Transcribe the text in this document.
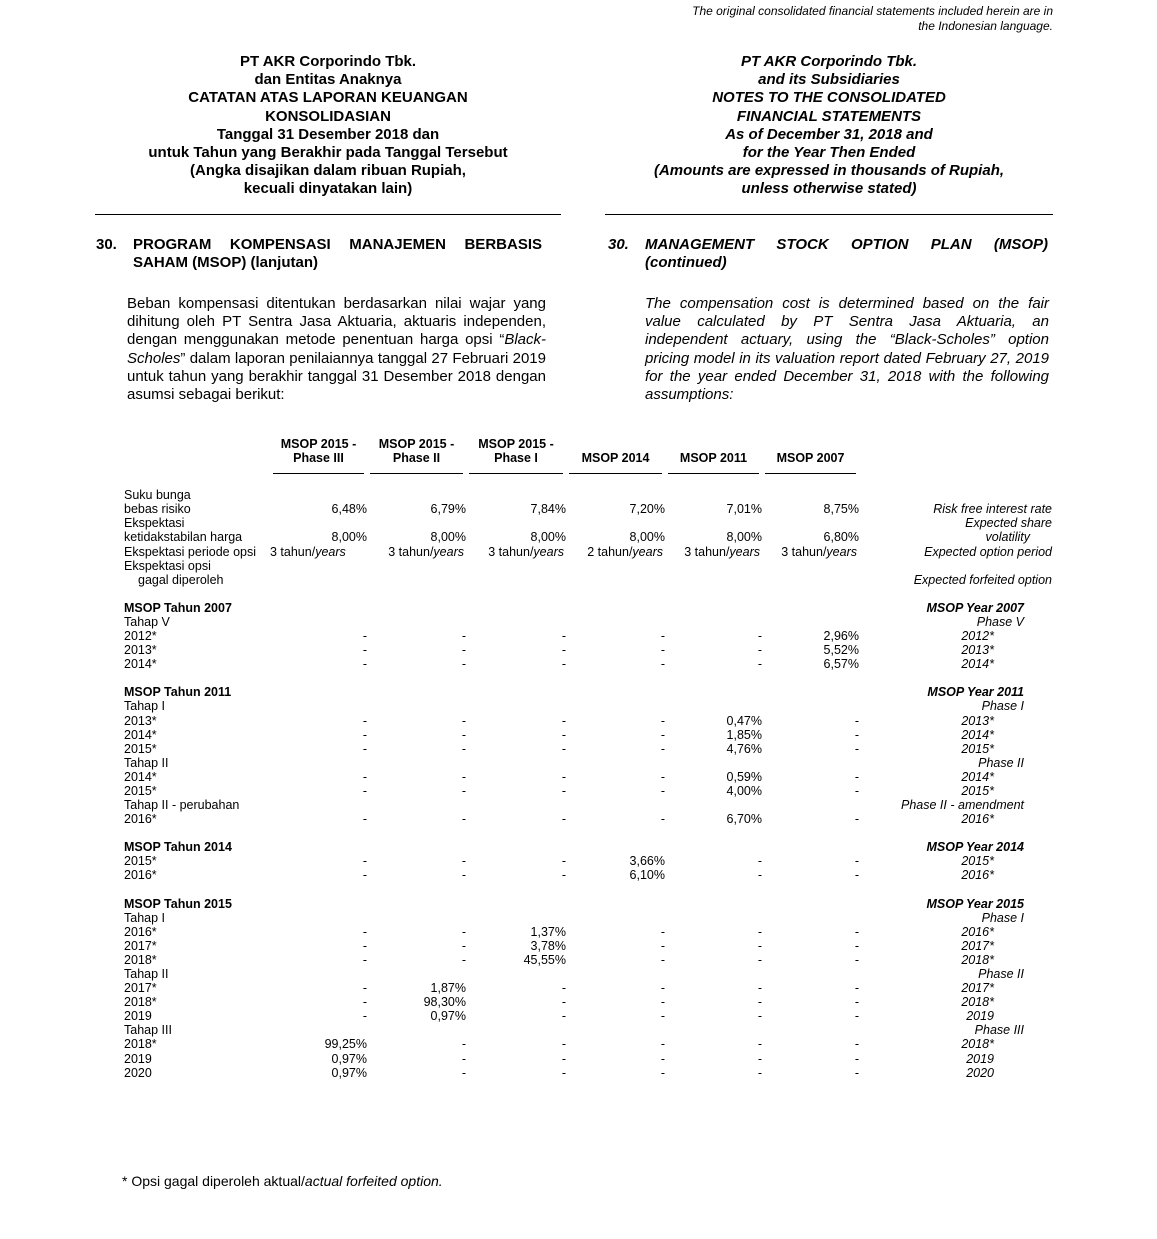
The original consolidated financial statements included herein are in
the Indonesian language.
PT AKR Corporindo Tbk.
dan Entitas Anaknya
CATATAN ATAS LAPORAN KEUANGAN
KONSOLIDASIAN
Tanggal 31 Desember 2018 dan
untuk Tahun yang Berakhir pada Tanggal Tersebut
(Angka disajikan dalam ribuan Rupiah,
kecuali dinyatakan lain)
PT AKR Corporindo Tbk.
and its Subsidiaries
NOTES TO THE CONSOLIDATED
FINANCIAL STATEMENTS
As of December 31, 2018 and
for the Year Then Ended
(Amounts are expressed in thousands of Rupiah,
unless otherwise stated)
30. PROGRAM KOMPENSASI MANAJEMEN BERBASIS SAHAM (MSOP) (lanjutan)
30. MANAGEMENT STOCK OPTION PLAN (MSOP) (continued)
Beban kompensasi ditentukan berdasarkan nilai wajar yang dihitung oleh PT Sentra Jasa Aktuaria, aktuaris independen, dengan menggunakan metode penentuan harga opsi “Black-Scholes” dalam laporan penilaiannya tanggal 27 Februari 2019 untuk tahun yang berakhir tanggal 31 Desember 2018 dengan asumsi sebagai berikut:
The compensation cost is determined based on the fair value calculated by PT Sentra Jasa Aktuaria, an independent actuary, using the “Black-Scholes” option pricing model in its valuation report dated February 27, 2019 for the year ended December 31, 2018 with the following assumptions:

	MSOP 2015 -
Phase III	MSOP 2015 -
Phase II	MSOP 2015 -
Phase I	MSOP 2014	MSOP 2011	MSOP 2007	

Suku bunga							
bebas risiko	6,48%	6,79%	7,84%	7,20%	7,01%	8,75%	Risk free interest rate
Ekspektasi							Expected share
ketidakstabilan harga	8,00%	8,00%	8,00%	8,00%	8,00%	6,80%	volatility
Ekspektasi periode opsi	3 tahun/years	3 tahun/years	3 tahun/years	2 tahun/years	3 tahun/years	3 tahun/years	Expected option period
Ekspektasi opsi							
gagal diperoleh							Expected forfeited option

MSOP Tahun 2007							MSOP Year 2007
Tahap V							Phase V
2012*	-	-	-	-	-	2,96%	2012*
2013*	-	-	-	-	-	5,52%	2013*
2014*	-	-	-	-	-	6,57%	2014*

MSOP Tahun 2011							MSOP Year 2011
Tahap I							Phase I
2013*	-	-	-	-	0,47%	-	2013*
2014*	-	-	-	-	1,85%	-	2014*
2015*	-	-	-	-	4,76%	-	2015*
Tahap II							Phase II
2014*	-	-	-	-	0,59%	-	2014*
2015*	-	-	-	-	4,00%	-	2015*
Tahap II - perubahan							Phase II - amendment
2016*	-	-	-	-	6,70%	-	2016*

MSOP Tahun 2014							MSOP Year 2014
2015*	-	-	-	3,66%	-	-	2015*
2016*	-	-	-	6,10%	-	-	2016*

MSOP Tahun 2015							MSOP Year 2015
Tahap I							Phase I
2016*	-	-	1,37%	-	-	-	2016*
2017*	-	-	3,78%	-	-	-	2017*
2018*	-	-	45,55%	-	-	-	2018*
Tahap II							Phase II
2017*	-	1,87%	-	-	-	-	2017*
2018*	-	98,30%	-	-	-	-	2018*
2019	-	0,97%	-	-	-	-	2019
Tahap III							Phase III
2018*	99,25%	-	-	-	-	-	2018*
2019	0,97%	-	-	-	-	-	2019
2020	0,97%	-	-	-	-	-	2020
* Opsi gagal diperoleh aktual/actual forfeited option.
